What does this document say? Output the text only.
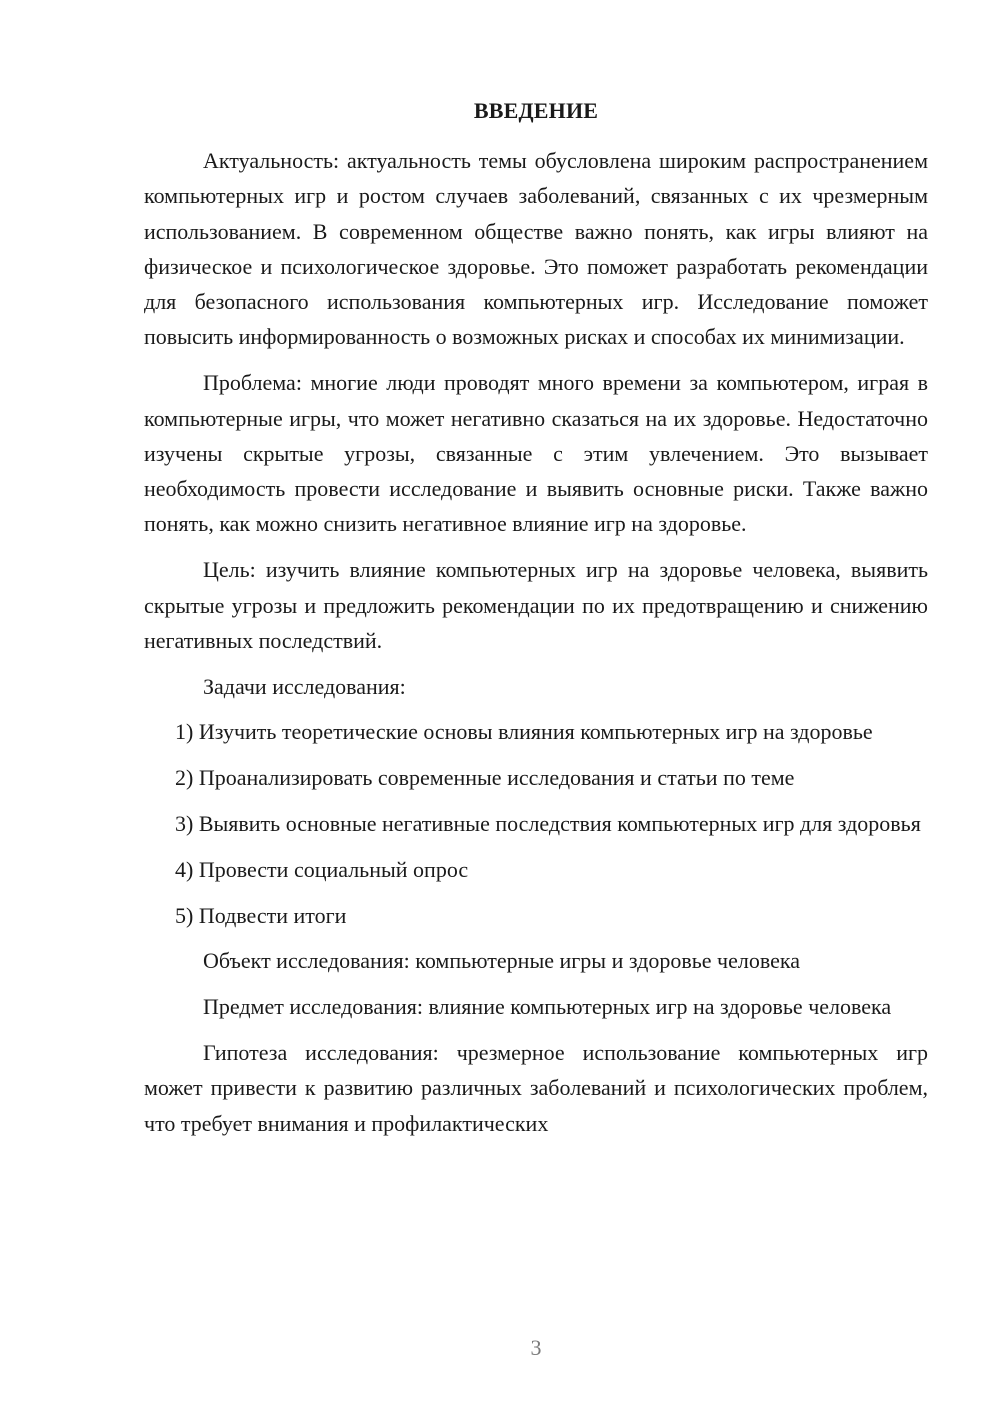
ВВЕДЕНИЕ

Актуальность: актуальность темы обусловлена широким распространением компьютерных игр и ростом случаев заболеваний, связанных с их чрезмерным использованием. В современном обществе важно понять, как игры влияют на физическое и психологическое здоровье. Это поможет разработать рекомендации для безопасного использования компьютерных игр. Исследование поможет повысить информированность о возможных рисках и способах их минимизации.

Проблема: многие люди проводят много времени за компьютером, играя в компьютерные игры, что может негативно сказаться на их здоровье. Недостаточно изучены скрытые угрозы, связанные с этим увлечением. Это вызывает необходимость провести исследование и выявить основные риски. Также важно понять, как можно снизить негативное влияние игр на здоровье.

Цель: изучить влияние компьютерных игр на здоровье человека, выявить скрытые угрозы и предложить рекомендации по их предотвращению и снижению негативных последствий.

Задачи исследования:

1) Изучить теоретические основы влияния компьютерных игр на здоровье

2) Проанализировать современные исследования и статьи по теме

3) Выявить основные негативные последствия компьютерных игр для здоровья

4) Провести социальный опрос

5) Подвести итоги

Объект исследования: компьютерные игры и здоровье человека

Предмет исследования: влияние компьютерных игр на здоровье человека

Гипотеза исследования: чрезмерное использование компьютерных игр может привести к развитию различных заболеваний и психологических проблем, что требует внимания и профилактических

3
